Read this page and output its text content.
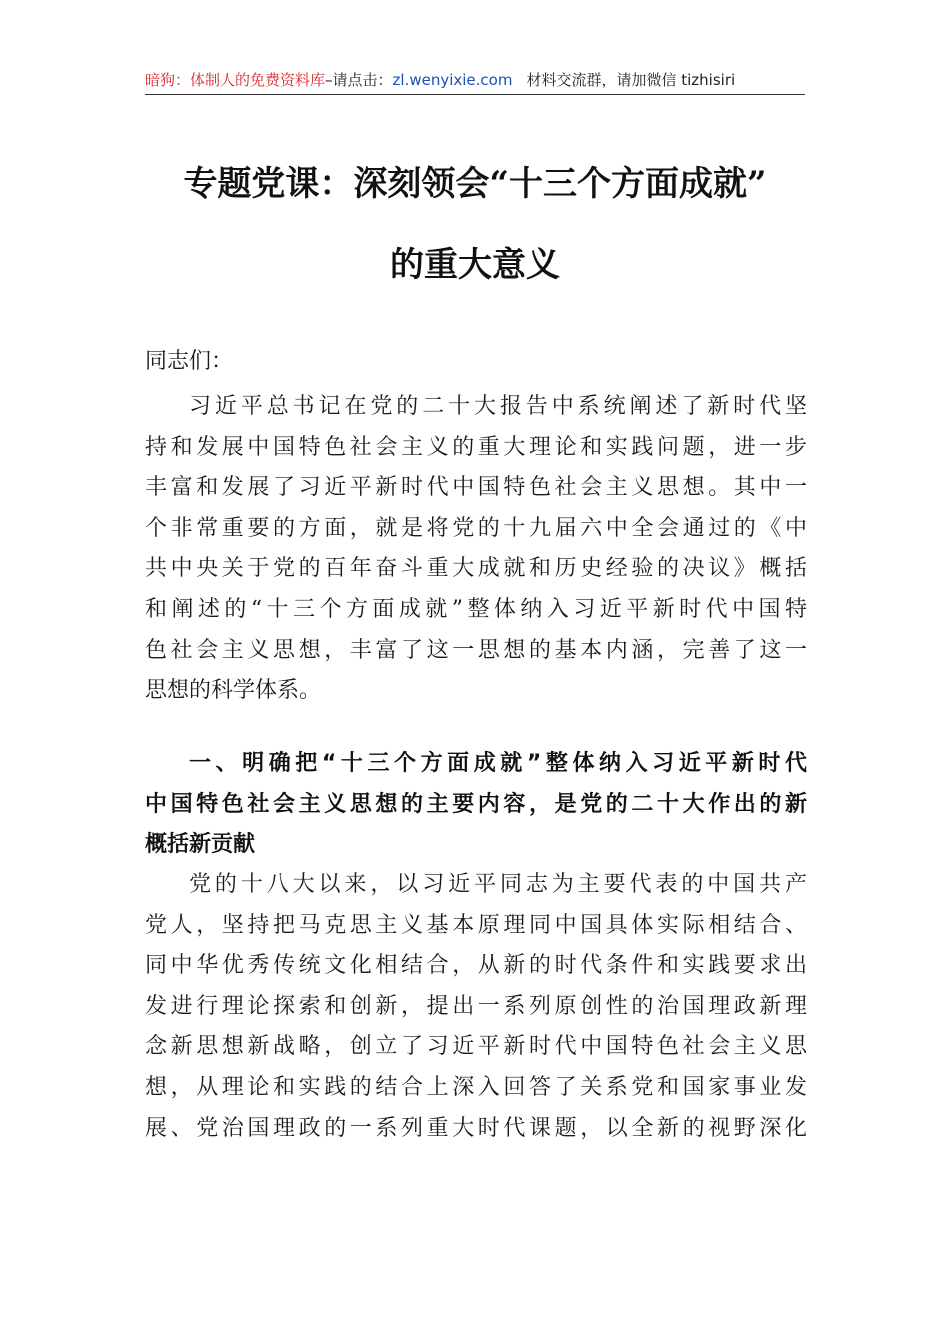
暗狗：体制人的免费资料库–请点击：zl.wenyixie.com 材料交流群，请加微信 tizhisiri
专题党课：深刻领会“十三个方面成就”
的重大意义
同志们：
习近平总书记在党的二十大报告中系统阐述了新时代坚
持和发展中国特色社会主义的重大理论和实践问题，进一步
丰富和发展了习近平新时代中国特色社会主义思想。其中一
个非常重要的方面，就是将党的十九届六中全会通过的《中
共中央关于党的百年奋斗重大成就和历史经验的决议》概括
和阐述的“十三个方面成就”整体纳入习近平新时代中国特
色社会主义思想，丰富了这一思想的基本内涵，完善了这一
思想的科学体系。
一、明确把“十三个方面成就”整体纳入习近平新时代
中国特色社会主义思想的主要内容，是党的二十大作出的新
概括新贡献
党的十八大以来，以习近平同志为主要代表的中国共产
党人，坚持把马克思主义基本原理同中国具体实际相结合、
同中华优秀传统文化相结合，从新的时代条件和实践要求出
发进行理论探索和创新，提出一系列原创性的治国理政新理
念新思想新战略，创立了习近平新时代中国特色社会主义思
想，从理论和实践的结合上深入回答了关系党和国家事业发
展、党治国理政的一系列重大时代课题，以全新的视野深化
